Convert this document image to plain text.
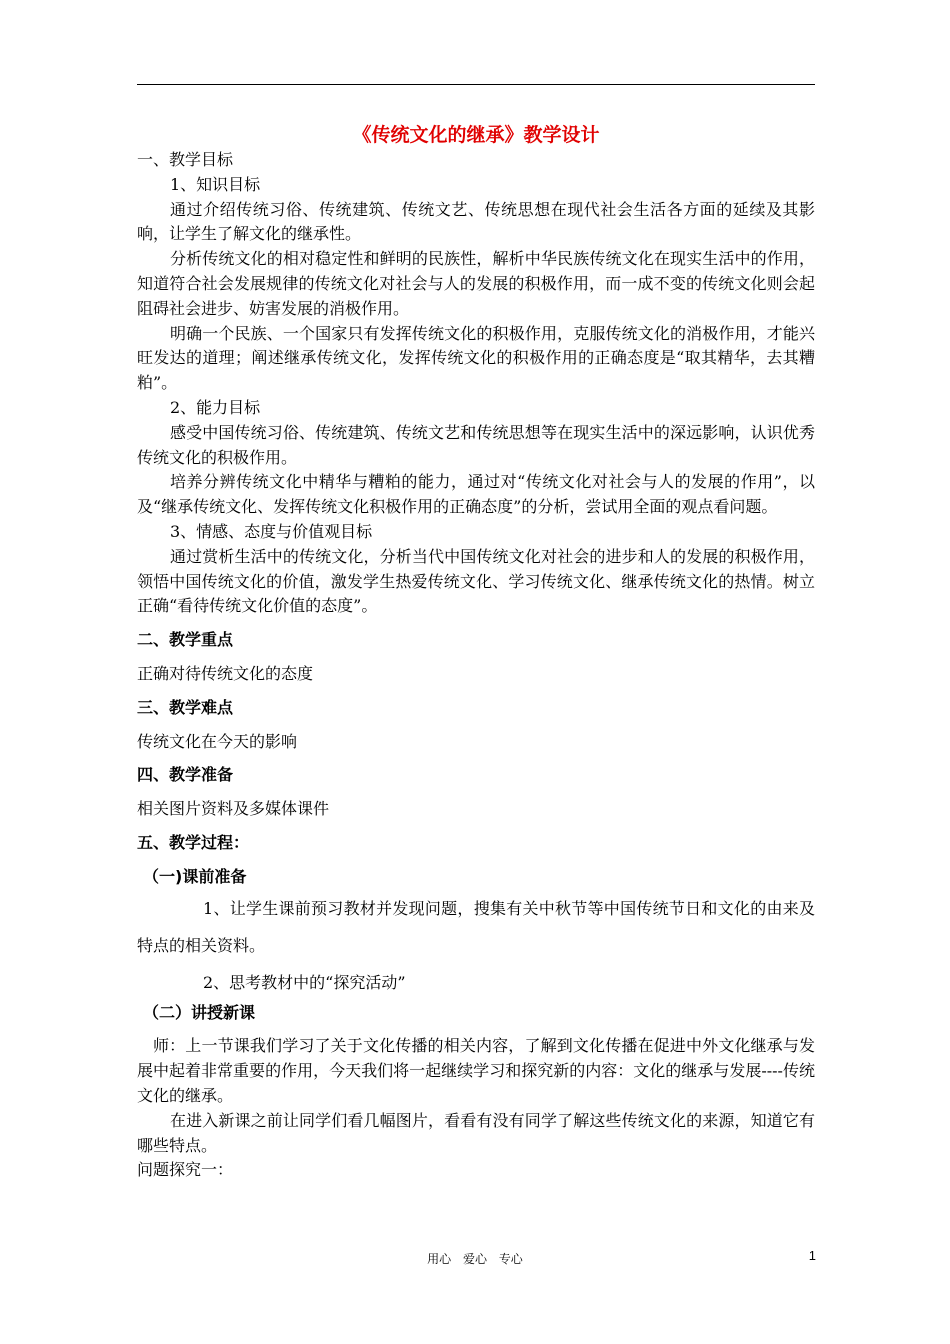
《传统文化的继承》教学设计

一、教学目标

1、知识目标

通过介绍传统习俗、传统建筑、传统文艺、传统思想在现代社会生活各方面的延续及其影响，让学生了解文化的继承性。

分析传统文化的相对稳定性和鲜明的民族性，解析中华民族传统文化在现实生活中的作用，知道符合社会发展规律的传统文化对社会与人的发展的积极作用，而一成不变的传统文化则会起阻碍社会进步、妨害发展的消极作用。

明确一个民族、一个国家只有发挥传统文化的积极作用，克服传统文化的消极作用，才能兴旺发达的道理；阐述继承传统文化，发挥传统文化的积极作用的正确态度是“取其精华，去其糟粕”。

2、能力目标

感受中国传统习俗、传统建筑、传统文艺和传统思想等在现实生活中的深远影响，认识优秀传统文化的积极作用。

培养分辨传统文化中精华与糟粕的能力，通过对“传统文化对社会与人的发展的作用”，以及“继承传统文化、发挥传统文化积极作用的正确态度”的分析，尝试用全面的观点看问题。

3、情感、态度与价值观目标

通过赏析生活中的传统文化，分析当代中国传统文化对社会的进步和人的发展的积极作用，领悟中国传统文化的价值，激发学生热爱传统文化、学习传统文化、继承传统文化的热情。树立正确“看待传统文化价值的态度”。

二、教学重点

正确对待传统文化的态度

三、教学难点

传统文化在今天的影响

四、教学准备

相关图片资料及多媒体课件

五、教学过程：

（一)课前准备

1、让学生课前预习教材并发现问题，搜集有关中秋节等中国传统节日和文化的由来及特点的相关资料。

2、思考教材中的“探究活动”

（二）讲授新课

师：上一节课我们学习了关于文化传播的相关内容，了解到文化传播在促进中外文化继承与发展中起着非常重要的作用，今天我们将一起继续学习和探究新的内容：文化的继承与发展----传统文化的继承。

在进入新课之前让同学们看几幅图片，看看有没有同学了解这些传统文化的来源，知道它有哪些特点。

问题探究一：

用心 爱心 专心	1
